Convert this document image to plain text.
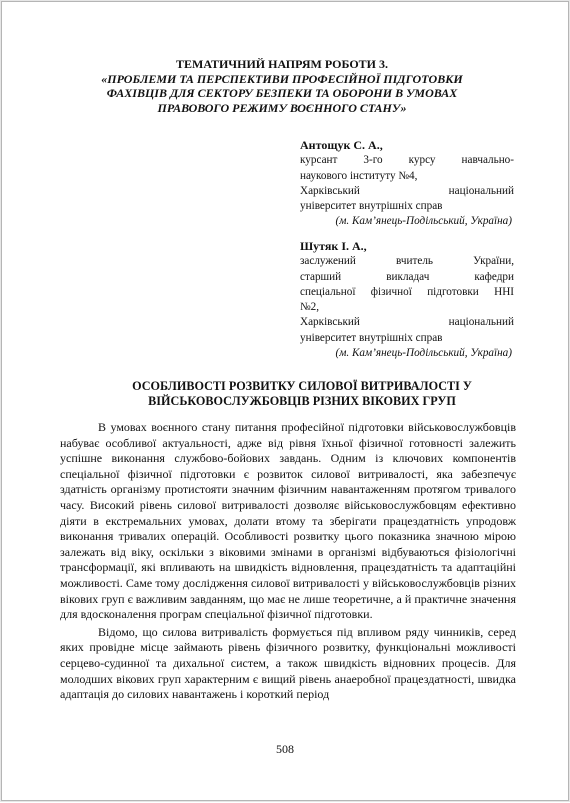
ТЕМАТИЧНИЙ НАПРЯМ РОБОТИ 3.
«ПРОБЛЕМИ ТА ПЕРСПЕКТИВИ ПРОФЕСІЙНОЇ ПІДГОТОВКИ ФАХІВЦІВ ДЛЯ СЕКТОРУ БЕЗПЕКИ ТА ОБОРОНИ В УМОВАХ ПРАВОВОГО РЕЖИМУ ВОЄННОГО СТАНУ»
Антощук С. А.,
курсант 3-го курсу навчально-
наукового інституту №4,
Харківський національний
університет внутрішніх справ
(м. Кам’янець-Подільський, Україна)
Шутяк І. А.,
заслужений вчитель України,
старший викладач кафедри
спеціальної фізичної підготовки ННІ
№2,
Харківський національний
університет внутрішніх справ
(м. Кам’янець-Подільський, Україна)
ОСОБЛИВОСТІ РОЗВИТКУ СИЛОВОЇ ВИТРИВАЛОСТІ У ВІЙСЬКОВОСЛУЖБОВЦІВ РІЗНИХ ВІКОВИХ ГРУП

В умовах воєнного стану питання професійної підготовки військовослужбовців набуває особливої актуальності, адже від рівня їхньої фізичної готовності залежить успішне виконання службово-бойових завдань. Одним із ключових компонентів спеціальної фізичної підготовки є розвиток силової витривалості, яка забезпечує здатність організму протистояти значним фізичним навантаженням протягом тривалого часу. Високий рівень силової витривалості дозволяє військовослужбовцям ефективно діяти в екстремальних умовах, долати втому та зберігати працездатність упродовж виконання тривалих операцій. Особливості розвитку цього показника значною мірою залежать від віку, оскільки з віковими змінами в організмі відбуваються фізіологічні трансформації, які впливають на швидкість відновлення, працездатність та адаптаційні можливості. Саме тому дослідження силової витривалості у військовослужбовців різних вікових груп є важливим завданням, що має не лише теоретичне, а й практичне значення для вдосконалення програм спеціальної фізичної підготовки.

Відомо, що силова витривалість формується під впливом ряду чинників, серед яких провідне місце займають рівень фізичного розвитку, функціональні можливості серцево-судинної та дихальної систем, а також швидкість відновних процесів. Для молодших вікових груп характерним є вищий рівень анаеробної працездатності, швидка адаптація до силових навантажень і короткий період

508
